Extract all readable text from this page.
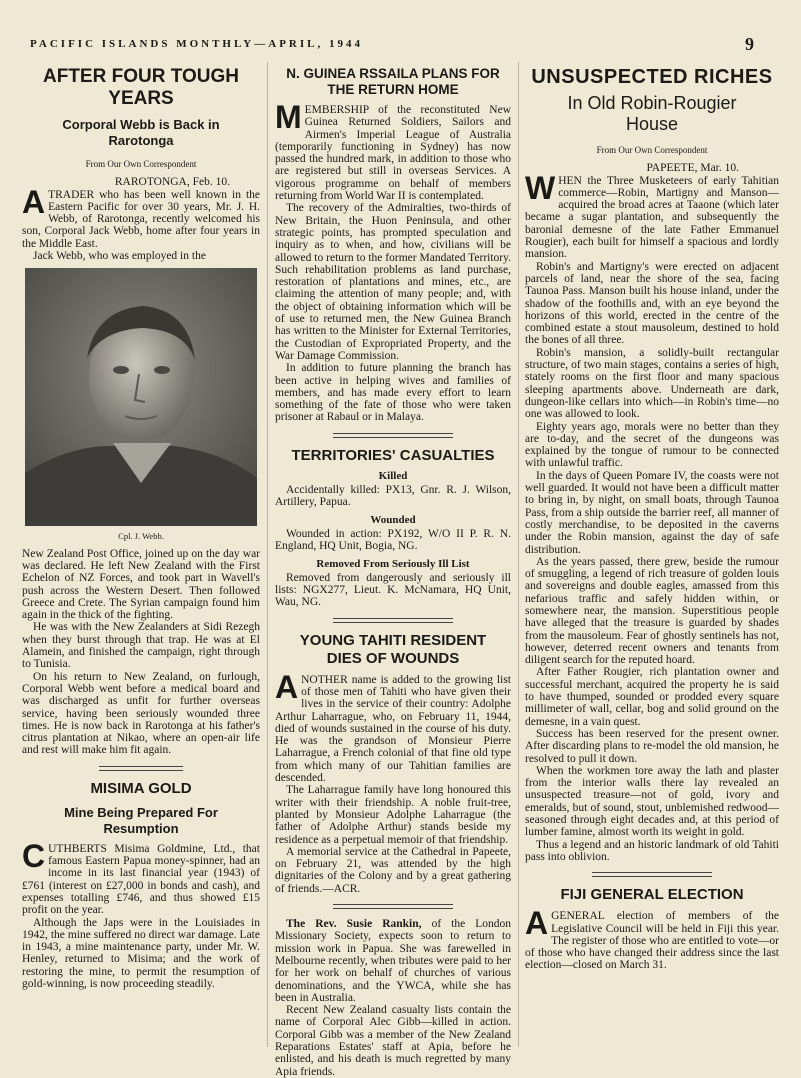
PACIFIC ISLANDS MONTHLY—APRIL, 1944	9
AFTER FOUR TOUGH
YEARS
Corporal Webb is Back in
Rarotonga
From Our Own Correspondent

RAROTONGA, Feb. 10.

ATRADER who has been well known in the Eastern Pacific for over 30 years, Mr. J. H. Webb, of Rarotonga, recently welcomed his son, Corporal Jack Webb, home after four years in the Middle East.

Jack Webb, who was employed in the

Cpl. J. Webb.

New Zealand Post Office, joined up on the day war was declared. He left New Zealand with the First Echelon of NZ Forces, and took part in Wavell's push across the Western Desert. Then followed Greece and Crete. The Syrian campaign found him again in the thick of the fighting.

He was with the New Zealanders at Sidi Rezegh when they burst through that trap. He was at El Alamein, and finished the campaign, right through to Tunisia.

On his return to New Zealand, on furlough, Corporal Webb went before a medical board and was discharged as unfit for further overseas service, having been seriously wounded three times. He is now back in Rarotonga at his father's citrus plantation at Nikao, where an open-air life and rest will make him fit again.

MISIMA GOLD
Mine Being Prepared For
Resumption

CUTHBERTS Misima Goldmine, Ltd., that famous Eastern Papua money-spinner, had an income in its last financial year (1943) of £761 (interest on £27,000 in bonds and cash), and expenses totalling £746, and thus showed £15 profit on the year.

Although the Japs were in the Louisiades in 1942, the mine suffered no direct war damage. Late in 1943, a mine maintenance party, under Mr. W. Henley, returned to Misima; and the work of restoring the mine, to permit the resumption of gold-winning, is now proceeding steadily.

N. GUINEA RSSAILA PLANS FOR
THE RETURN HOME

MEMBERSHIP of the reconstituted New Guinea Returned Soldiers, Sailors and Airmen's Imperial League of Australia (temporarily functioning in Sydney) has now passed the hundred mark, in addition to those who are registered but still in overseas Services. A vigorous programme on behalf of members returning from World War II is contemplated.

The recovery of the Admiralties, two-thirds of New Britain, the Huon Peninsula, and other strategic points, has prompted speculation and inquiry as to when, and how, civilians will be allowed to return to the former Mandated Territory. Such rehabilitation problems as land purchase, restoration of plantations and mines, etc., are claiming the attention of many people; and, with the object of obtaining information which will be of use to returned men, the New Guinea Branch has written to the Minister for External Territories, the Custodian of Expropriated Property, and the War Damage Commission.

In addition to future planning the branch has been active in helping wives and families of members, and has made every effort to learn something of the fate of those who were taken prisoner at Rabaul or in Malaya.

TERRITORIES' CASUALTIES
Killed

Accidentally killed: PX13, Gnr. R. J. Wilson, Artillery, Papua.

Wounded

Wounded in action: PX192, W/O II P. R. N. England, HQ Unit, Bogia, NG.

Removed From Seriously Ill List

Removed from dangerously and seriously ill lists: NGX277, Lieut. K. McNamara, HQ Unit, Wau, NG.

YOUNG TAHITI RESIDENT
DIES OF WOUNDS

ANOTHER name is added to the growing list of those men of Tahiti who have given their lives in the service of their country: Adolphe Arthur Laharrague, who, on February 11, 1944, died of wounds sustained in the course of his duty. He was the grandson of Monsieur Pierre Laharrague, a French colonial of that fine old type from which many of our Tahitian families are descended.

The Laharrague family have long honoured this writer with their friendship. A noble fruit-tree, planted by Monsieur Adolphe Laharrague (the father of Adolphe Arthur) stands beside my residence as a perpetual memoir of that friendship.

A memorial service at the Cathedral in Papeete, on February 21, was attended by the high dignitaries of the Colony and by a great gathering of friends.—ACR.

The Rev. Susie Rankin, of the London Missionary Society, expects soon to return to mission work in Papua. She was farewelled in Melbourne recently, when tributes were paid to her for her work on behalf of churches of various denominations, and the YWCA, while she has been in Australia.

Recent New Zealand casualty lists contain the name of Corporal Alec Gibb—killed in action. Corporal Gibb was a member of the New Zealand Reparations Estates' staff at Apia, before he enlisted, and his death is much regretted by many Apia friends.

UNSUSPECTED RICHES
In Old Robin-Rougier
House
From Our Own Correspondent

PAPEETE, Mar. 10.

WHEN the Three Musketeers of early Tahitian commerce—Robin, Martigny and Manson—acquired the broad acres at Taaone (which later became a sugar plantation, and subsequently the baronial demesne of the late Father Emmanuel Rougier), each built for himself a spacious and lordly mansion.

Robin's and Martigny's were erected on adjacent parcels of land, near the shore of the sea, facing Taunoa Pass. Manson built his house inland, under the shadow of the foothills and, with an eye beyond the horizons of this world, erected in the centre of the combined estate a stout mausoleum, destined to hold the bones of all three.

Robin's mansion, a solidly-built rectangular structure, of two main stages, contains a series of high, stately rooms on the first floor and many spacious sleeping apartments above. Underneath are dark, dungeon-like cellars into which—in Robin's time—no one was allowed to look.

Eighty years ago, morals were no better than they are to-day, and the secret of the dungeons was explained by the tongue of rumour to be connected with unlawful traffic.

In the days of Queen Pomare IV, the coasts were not well guarded. It would not have been a difficult matter to bring in, by night, on small boats, through Taunoa Pass, from a ship outside the barrier reef, all manner of costly merchandise, to be deposited in the caverns under the Robin mansion, against the day of safe distribution.

As the years passed, there grew, beside the rumour of smuggling, a legend of rich treasure of golden louis and sovereigns and double eagles, amassed from this nefarious traffic and safely hidden within, or somewhere near, the mansion. Superstitious people have alleged that the treasure is guarded by shades from the mausoleum. Fear of ghostly sentinels has not, however, deterred recent owners and tenants from diligent search for the reputed hoard.

After Father Rougier, rich plantation owner and successful merchant, acquired the property he is said to have thumped, sounded or prodded every square millimeter of wall, cellar, bog and solid ground on the demesne, in a vain quest.

Success has been reserved for the present owner. After discarding plans to re-model the old mansion, he resolved to pull it down.

When the workmen tore away the lath and plaster from the interior walls there lay revealed an unsuspected treasure—not of gold, ivory and emeralds, but of sound, stout, unblemished redwood—seasoned through eight decades and, at this period of lumber famine, almost worth its weight in gold.

Thus a legend and an historic landmark of old Tahiti pass into oblivion.

FIJI GENERAL ELECTION

AGENERAL election of members of the Legislative Council will be held in Fiji this year. The register of those who are entitled to vote—or of those who have changed their address since the last election—closed on March 31.
